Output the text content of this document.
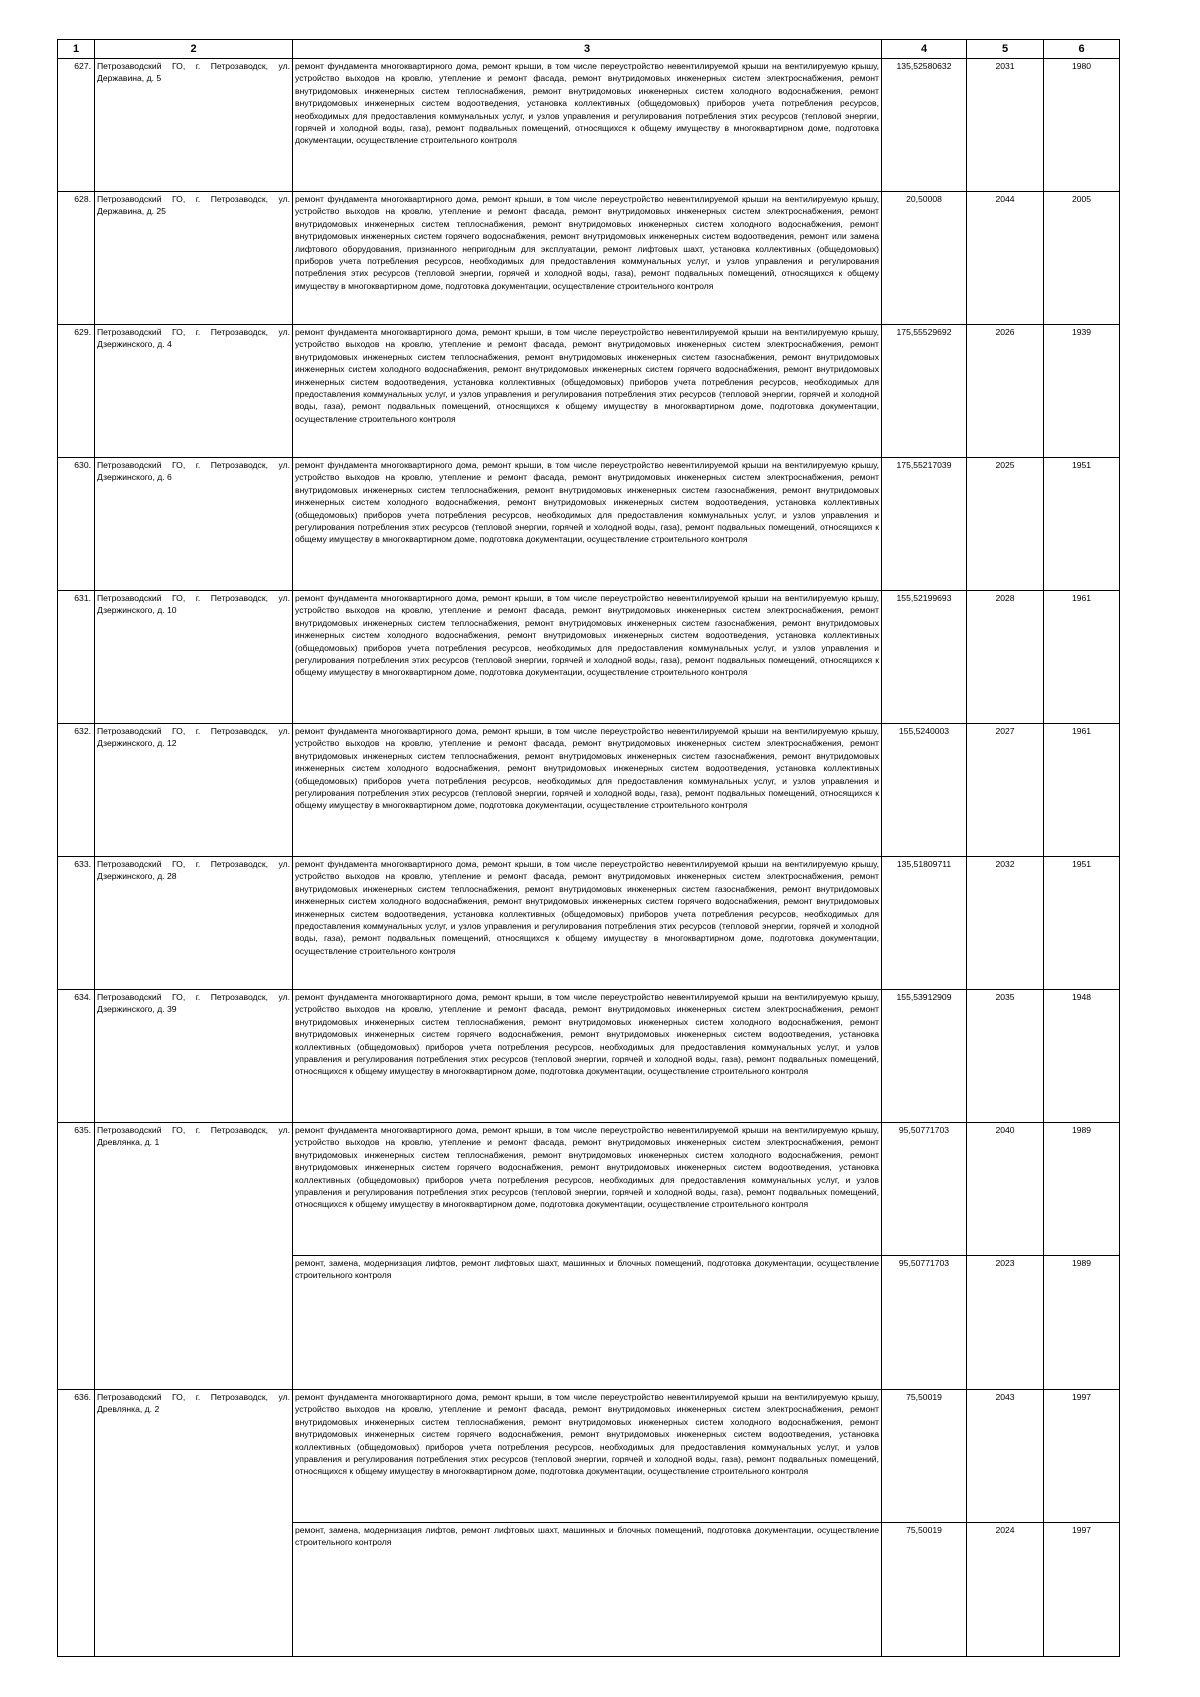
1	2	3	4	5	6
627.	Петрозаводский ГО, г. Петрозаводск, ул. Державина, д. 5	ремонт фундамента многоквартирного дома, ремонт крыши, в том числе переустройство невентилируемой крыши на вентилируемую крышу, устройство выходов на кровлю, утепление и ремонт фасада, ремонт внутридомовых инженерных систем электроснабжения, ремонт внутридомовых инженерных систем теплоснабжения, ремонт внутридомовых инженерных систем холодного водоснабжения, ремонт внутридомовых инженерных систем водоотведения, установка коллективных (общедомовых) приборов учета потребления ресурсов, необходимых для предоставления коммунальных услуг, и узлов управления и регулирования потребления этих ресурсов (тепловой энергии, горячей и холодной воды, газа), ремонт подвальных помещений, относящихся к общему имуществу в многоквартирном доме, подготовка документации, осуществление строительного контроля	135,52580632	2031	1980
628.	Петрозаводский ГО, г. Петрозаводск, ул. Державина, д. 25	ремонт фундамента многоквартирного дома, ремонт крыши, в том числе переустройство невентилируемой крыши на вентилируемую крышу, устройство выходов на кровлю, утепление и ремонт фасада, ремонт внутридомовых инженерных систем электроснабжения, ремонт внутридомовых инженерных систем теплоснабжения, ремонт внутридомовых инженерных систем холодного водоснабжения, ремонт внутридомовых инженерных систем горячего водоснабжения, ремонт внутридомовых инженерных систем водоотведения, ремонт или замена лифтового оборудования, признанного непригодным для эксплуатации, ремонт лифтовых шахт, установка коллективных (общедомовых) приборов учета потребления ресурсов, необходимых для предоставления коммунальных услуг, и узлов управления и регулирования потребления этих ресурсов (тепловой энергии, горячей и холодной воды, газа), ремонт подвальных помещений, относящихся к общему имуществу в многоквартирном доме, подготовка документации, осуществление строительного контроля	20,50008	2044	2005
629.	Петрозаводский ГО, г. Петрозаводск, ул. Дзержинского, д. 4	ремонт фундамента многоквартирного дома, ремонт крыши, в том числе переустройство невентилируемой крыши на вентилируемую крышу, устройство выходов на кровлю, утепление и ремонт фасада, ремонт внутридомовых инженерных систем электроснабжения, ремонт внутридомовых инженерных систем теплоснабжения, ремонт внутридомовых инженерных систем газоснабжения, ремонт внутридомовых инженерных систем холодного водоснабжения, ремонт внутридомовых инженерных систем горячего водоснабжения, ремонт внутридомовых инженерных систем водоотведения, установка коллективных (общедомовых) приборов учета потребления ресурсов, необходимых для предоставления коммунальных услуг, и узлов управления и регулирования потребления этих ресурсов (тепловой энергии, горячей и холодной воды, газа), ремонт подвальных помещений, относящихся к общему имуществу в многоквартирном доме, подготовка документации, осуществление строительного контроля	175,55529692	2026	1939
630.	Петрозаводский ГО, г. Петрозаводск, ул. Дзержинского, д. 6	ремонт фундамента многоквартирного дома, ремонт крыши, в том числе переустройство невентилируемой крыши на вентилируемую крышу, устройство выходов на кровлю, утепление и ремонт фасада, ремонт внутридомовых инженерных систем электроснабжения, ремонт внутридомовых инженерных систем теплоснабжения, ремонт внутридомовых инженерных систем газоснабжения, ремонт внутридомовых инженерных систем холодного водоснабжения, ремонт внутридомовых инженерных систем водоотведения, установка коллективных (общедомовых) приборов учета потребления ресурсов, необходимых для предоставления коммунальных услуг, и узлов управления и регулирования потребления этих ресурсов (тепловой энергии, горячей и холодной воды, газа), ремонт подвальных помещений, относящихся к общему имуществу в многоквартирном доме, подготовка документации, осуществление строительного контроля	175,55217039	2025	1951
631.	Петрозаводский ГО, г. Петрозаводск, ул. Дзержинского, д. 10	ремонт фундамента многоквартирного дома, ремонт крыши, в том числе переустройство невентилируемой крыши на вентилируемую крышу, устройство выходов на кровлю, утепление и ремонт фасада, ремонт внутридомовых инженерных систем электроснабжения, ремонт внутридомовых инженерных систем теплоснабжения, ремонт внутридомовых инженерных систем газоснабжения, ремонт внутридомовых инженерных систем холодного водоснабжения, ремонт внутридомовых инженерных систем водоотведения, установка коллективных (общедомовых) приборов учета потребления ресурсов, необходимых для предоставления коммунальных услуг, и узлов управления и регулирования потребления этих ресурсов (тепловой энергии, горячей и холодной воды, газа), ремонт подвальных помещений, относящихся к общему имуществу в многоквартирном доме, подготовка документации, осуществление строительного контроля	155,52199693	2028	1961
632.	Петрозаводский ГО, г. Петрозаводск, ул. Дзержинского, д. 12	ремонт фундамента многоквартирного дома, ремонт крыши, в том числе переустройство невентилируемой крыши на вентилируемую крышу, устройство выходов на кровлю, утепление и ремонт фасада, ремонт внутридомовых инженерных систем электроснабжения, ремонт внутридомовых инженерных систем теплоснабжения, ремонт внутридомовых инженерных систем газоснабжения, ремонт внутридомовых инженерных систем холодного водоснабжения, ремонт внутридомовых инженерных систем водоотведения, установка коллективных (общедомовых) приборов учета потребления ресурсов, необходимых для предоставления коммунальных услуг, и узлов управления и регулирования потребления этих ресурсов (тепловой энергии, горячей и холодной воды, газа), ремонт подвальных помещений, относящихся к общему имуществу в многоквартирном доме, подготовка документации, осуществление строительного контроля	155,5240003	2027	1961
633.	Петрозаводский ГО, г. Петрозаводск, ул. Дзержинского, д. 28	ремонт фундамента многоквартирного дома, ремонт крыши, в том числе переустройство невентилируемой крыши на вентилируемую крышу, устройство выходов на кровлю, утепление и ремонт фасада, ремонт внутридомовых инженерных систем электроснабжения, ремонт внутридомовых инженерных систем теплоснабжения, ремонт внутридомовых инженерных систем газоснабжения, ремонт внутридомовых инженерных систем холодного водоснабжения, ремонт внутридомовых инженерных систем горячего водоснабжения, ремонт внутридомовых инженерных систем водоотведения, установка коллективных (общедомовых) приборов учета потребления ресурсов, необходимых для предоставления коммунальных услуг, и узлов управления и регулирования потребления этих ресурсов (тепловой энергии, горячей и холодной воды, газа), ремонт подвальных помещений, относящихся к общему имуществу в многоквартирном доме, подготовка документации, осуществление строительного контроля	135,51809711	2032	1951
634.	Петрозаводский ГО, г. Петрозаводск, ул. Дзержинского, д. 39	ремонт фундамента многоквартирного дома, ремонт крыши, в том числе переустройство невентилируемой крыши на вентилируемую крышу, устройство выходов на кровлю, утепление и ремонт фасада, ремонт внутридомовых инженерных систем электроснабжения, ремонт внутридомовых инженерных систем теплоснабжения, ремонт внутридомовых инженерных систем холодного водоснабжения, ремонт внутридомовых инженерных систем горячего водоснабжения, ремонт внутридомовых инженерных систем водоотведения, установка коллективных (общедомовых) приборов учета потребления ресурсов, необходимых для предоставления коммунальных услуг, и узлов управления и регулирования потребления этих ресурсов (тепловой энергии, горячей и холодной воды, газа), ремонт подвальных помещений, относящихся к общему имуществу в многоквартирном доме, подготовка документации, осуществление строительного контроля	155,53912909	2035	1948
635.	Петрозаводский ГО, г. Петрозаводск, ул. Древлянка, д. 1	ремонт фундамента многоквартирного дома, ремонт крыши, в том числе переустройство невентилируемой крыши на вентилируемую крышу, устройство выходов на кровлю, утепление и ремонт фасада, ремонт внутридомовых инженерных систем электроснабжения, ремонт внутридомовых инженерных систем теплоснабжения, ремонт внутридомовых инженерных систем холодного водоснабжения, ремонт внутридомовых инженерных систем горячего водоснабжения, ремонт внутридомовых инженерных систем водоотведения, установка коллективных (общедомовых) приборов учета потребления ресурсов, необходимых для предоставления коммунальных услуг, и узлов управления и регулирования потребления этих ресурсов (тепловой энергии, горячей и холодной воды, газа), ремонт подвальных помещений, относящихся к общему имуществу в многоквартирном доме, подготовка документации, осуществление строительного контроля	95,50771703	2040	1989
		ремонт, замена, модернизация лифтов, ремонт лифтовых шахт, машинных и блочных помещений, подготовка документации, осуществление строительного контроля	95,50771703	2023	1989
636.	Петрозаводский ГО, г. Петрозаводск, ул. Древлянка, д. 2	ремонт фундамента многоквартирного дома, ремонт крыши, в том числе переустройство невентилируемой крыши на вентилируемую крышу, устройство выходов на кровлю, утепление и ремонт фасада, ремонт внутридомовых инженерных систем электроснабжения, ремонт внутридомовых инженерных систем теплоснабжения, ремонт внутридомовых инженерных систем холодного водоснабжения, ремонт внутридомовых инженерных систем горячего водоснабжения, ремонт внутридомовых инженерных систем водоотведения, установка коллективных (общедомовых) приборов учета потребления ресурсов, необходимых для предоставления коммунальных услуг, и узлов управления и регулирования потребления этих ресурсов (тепловой энергии, горячей и холодной воды, газа), ремонт подвальных помещений, относящихся к общему имуществу в многоквартирном доме, подготовка документации, осуществление строительного контроля	75,50019	2043	1997
		ремонт, замена, модернизация лифтов, ремонт лифтовых шахт, машинных и блочных помещений, подготовка документации, осуществление строительного контроля	75,50019	2024	1997
